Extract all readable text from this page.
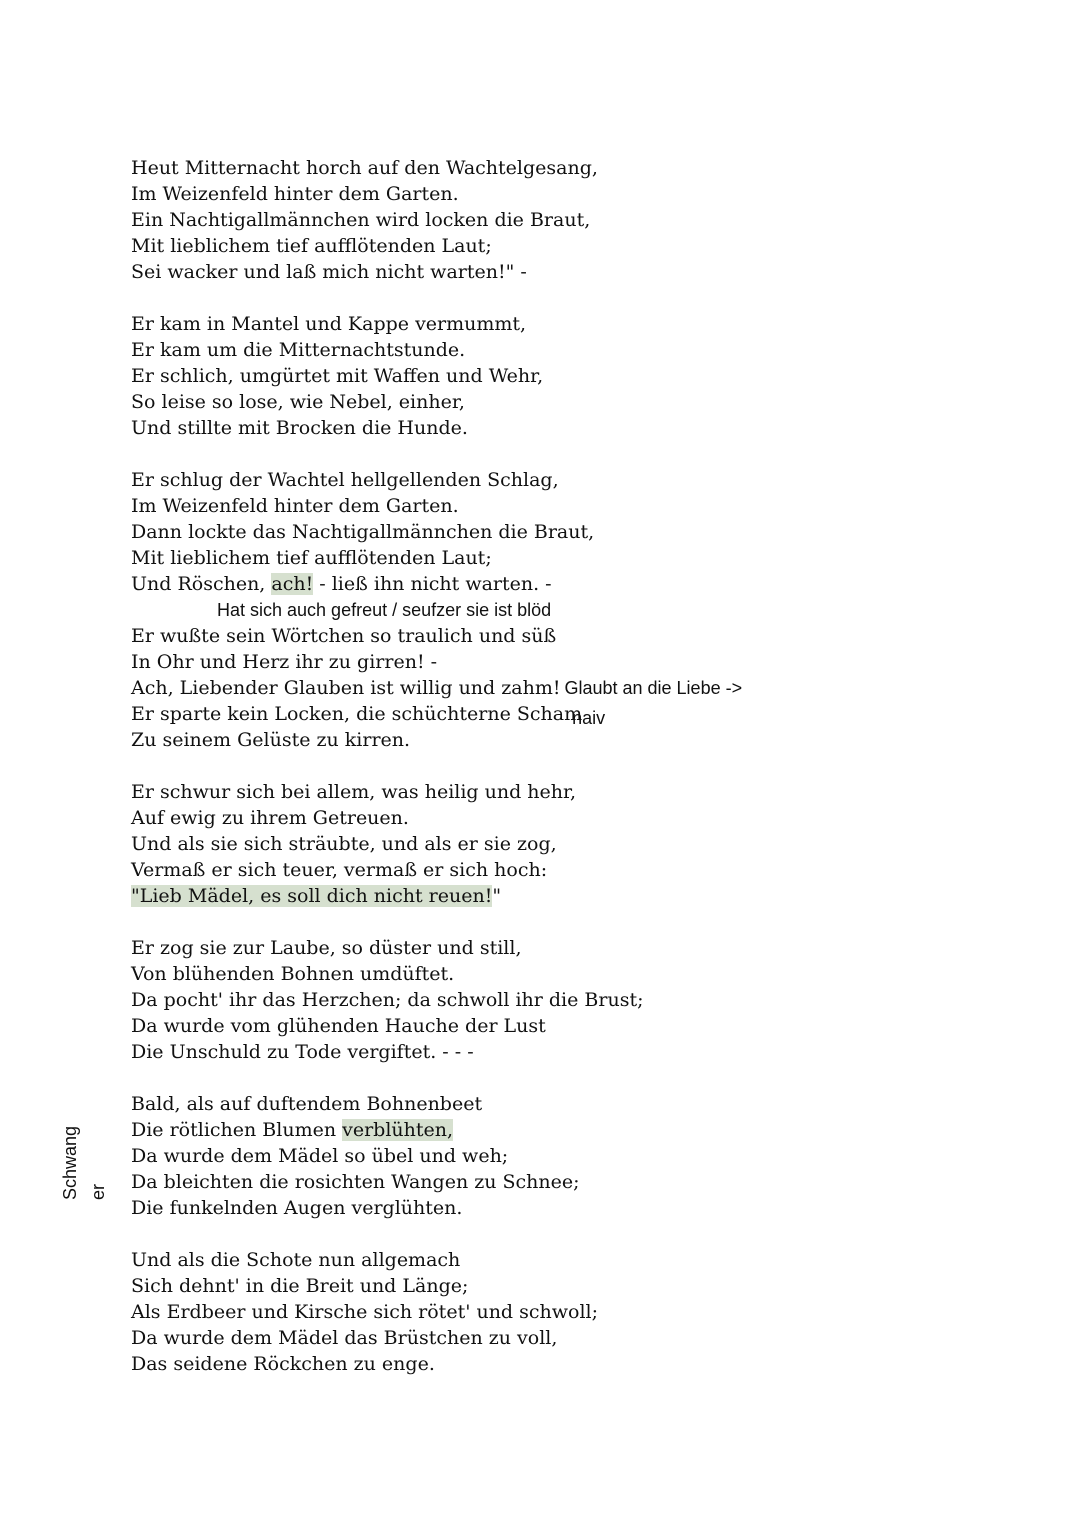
Heut Mitternacht horch auf den Wachtelgesang,
Im Weizenfeld hinter dem Garten.
Ein Nachtigallmännchen wird locken die Braut,
Mit lieblichem tief aufflötenden Laut;
Sei wacker und laß mich nicht warten!" -
Er kam in Mantel und Kappe vermummt,
Er kam um die Mitternachtstunde.
Er schlich, umgürtet mit Waffen und Wehr,
So leise so lose, wie Nebel, einher,
Und stillte mit Brocken die Hunde.
Er schlug der Wachtel hellgellenden Schlag,
Im Weizenfeld hinter dem Garten.
Dann lockte das Nachtigallmännchen die Braut,
Mit lieblichem tief aufflötenden Laut;
Und Röschen, ach! - ließ ihn nicht warten. -
Hat sich auch gefreut / seufzer sie ist blöd
Er wußte sein Wörtchen so traulich und süß
In Ohr und Herz ihr zu girren! -
Ach, Liebender Glauben ist willig und zahm! Glaubt an die Liebe ->
Er sparte kein Locken, die schüchterne Schamnaiv
Zu seinem Gelüste zu kirren.
Er schwur sich bei allem, was heilig und hehr,
Auf ewig zu ihrem Getreuen.
Und als sie sich sträubte, und als er sie zog,
Vermaß er sich teuer, vermaß er sich hoch:
"Lieb Mädel, es soll dich nicht reuen!"
Er zog sie zur Laube, so düster und still,
Von blühenden Bohnen umdüftet.
Da pocht' ihr das Herzchen; da schwoll ihr die Brust;
Da wurde vom glühenden Hauche der Lust
Die Unschuld zu Tode vergiftet. - - -
Bald, als auf duftendem Bohnenbeet
Die rötlichen Blumen verblühten,
Da wurde dem Mädel so übel und weh;
Da bleichten die rosichten Wangen zu Schnee;
Die funkelnden Augen verglühten.
Und als die Schote nun allgemach
Sich dehnt' in die Breit und Länge;
Als Erdbeer und Kirsche sich rötet' und schwoll;
Da wurde dem Mädel das Brüstchen zu voll,
Das seidene Röckchen zu enge.
Schwang er
